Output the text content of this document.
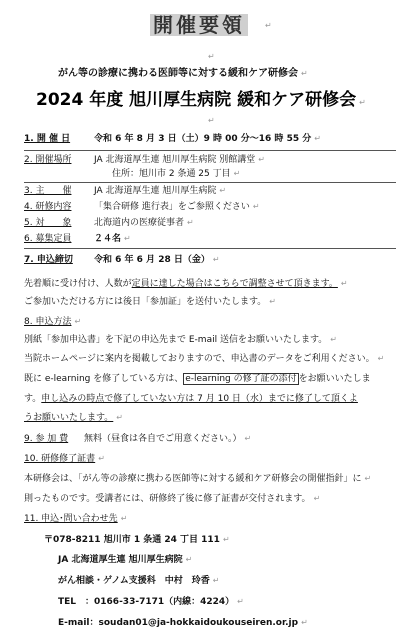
開催要領	↵
↵
がん等の診療に携わる医師等に対する緩和ケア研修会 ↵
2024 年度 旭川厚生病院 緩和ケア研修会 ↵
↵
1. 開 催 日	令和 6 年 8 月 3 日（土）9 時 00 分～16 時 55 分 ↵
2. 開催場所	JA 北海道厚生連 旭川厚生病院 別館講堂 ↵
住所：旭川市 2 条通 25 丁目 ↵
3. 主　　催	JA 北海道厚生連 旭川厚生病院 ↵
4. 研修内容	「集合研修 進行表」をご参照ください ↵
5. 対　　象	北海道内の医療従事者 ↵
6. 募集定員	２４名 ↵
7. 申込締切 令和 6 年 6 月 28 日（金） ↵
先着順に受け付け、人数が定員に達した場合はこちらで調整させて頂きます。 ↵
ご参加いただける方には後日「参加証」を送付いたします。 ↵
8. 申込方法 ↵
別紙「参加申込書」を下記の申込先まで E-mail 送信をお願いいたします。 ↵
当院ホームページに案内を掲載しておりますので、申込書のデータをご利用ください。 ↵
既に e-learning を修了している方は、 e-learning の修了証の添付 をお願いいたしま
す。申し込みの時点で修了していない方は 7 月 10 日（水）までに修了して頂くよ
うお願いいたします。 ↵
9. 参 加 費 無料（昼食は各自でご用意ください。） ↵
10. 研修修了証書 ↵
本研修会は、「がん等の診療に携わる医師等に対する緩和ケア研修会の開催指針」に ↵
則ったものです。受講者には、研修終了後に修了証書が交付されます。 ↵
11. 申込･問い合わせ先 ↵
〒078-8211 旭川市 1 条通 24 丁目 111 ↵
JA 北海道厚生連 旭川厚生病院 ↵
がん相談・ゲノム支援科　中村　玲香 ↵
TEL　：0166-33-7171（内線：4224） ↵
E-mail：soudan01@ja-hokkaidoukouseiren.or.jp ↵
